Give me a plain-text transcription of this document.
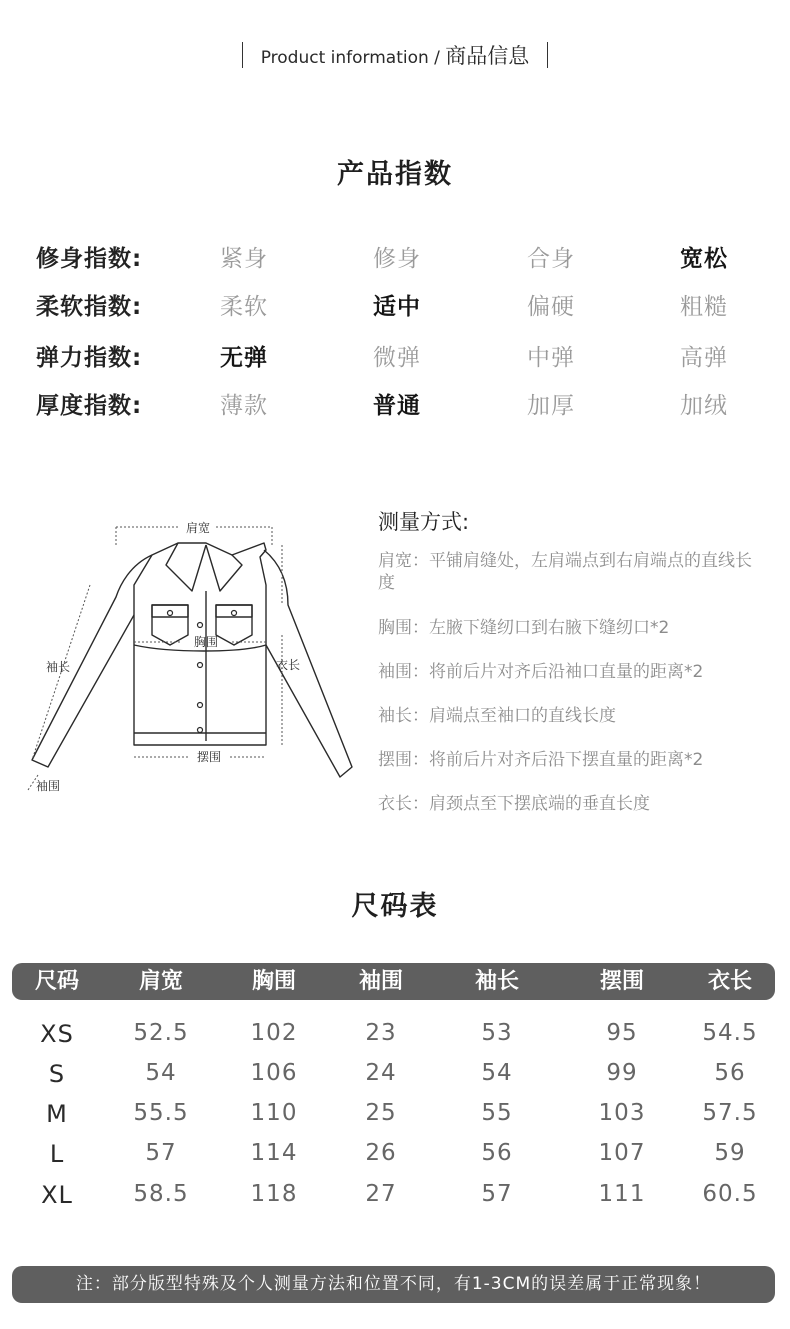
Product information / 商品信息
产品指数
修身指数:	紧身	修身	合身	宽松
柔软指数:	柔软	适中	偏硬	粗糙
弹力指数:	无弹	微弹	中弹	高弹
厚度指数:	薄款	普通	加厚	加绒
肩宽
胸围
袖长	衣长
摆围
袖围
测量方式:
肩宽：平铺肩缝处，左肩端点到右肩端点的直线长度
胸围：左腋下缝纫口到右腋下缝纫口*2
袖围：将前后片对齐后沿袖口直量的距离*2
袖长：肩端点至袖口的直线长度
摆围：将前后片对齐后沿下摆直量的距离*2
衣长：肩颈点至下摆底端的垂直长度
尺码表
尺码	肩宽	胸围	袖围	袖长	摆围	衣长
XS	52.5	102	23	53	95	54.5
S	54	106	24	54	99	56
M	55.5	110	25	55	103	57.5
L	57	114	26	56	107	59
XL	58.5	118	27	57	111	60.5
注：部分版型特殊及个人测量方法和位置不同，有1-3CM的误差属于正常现象！
